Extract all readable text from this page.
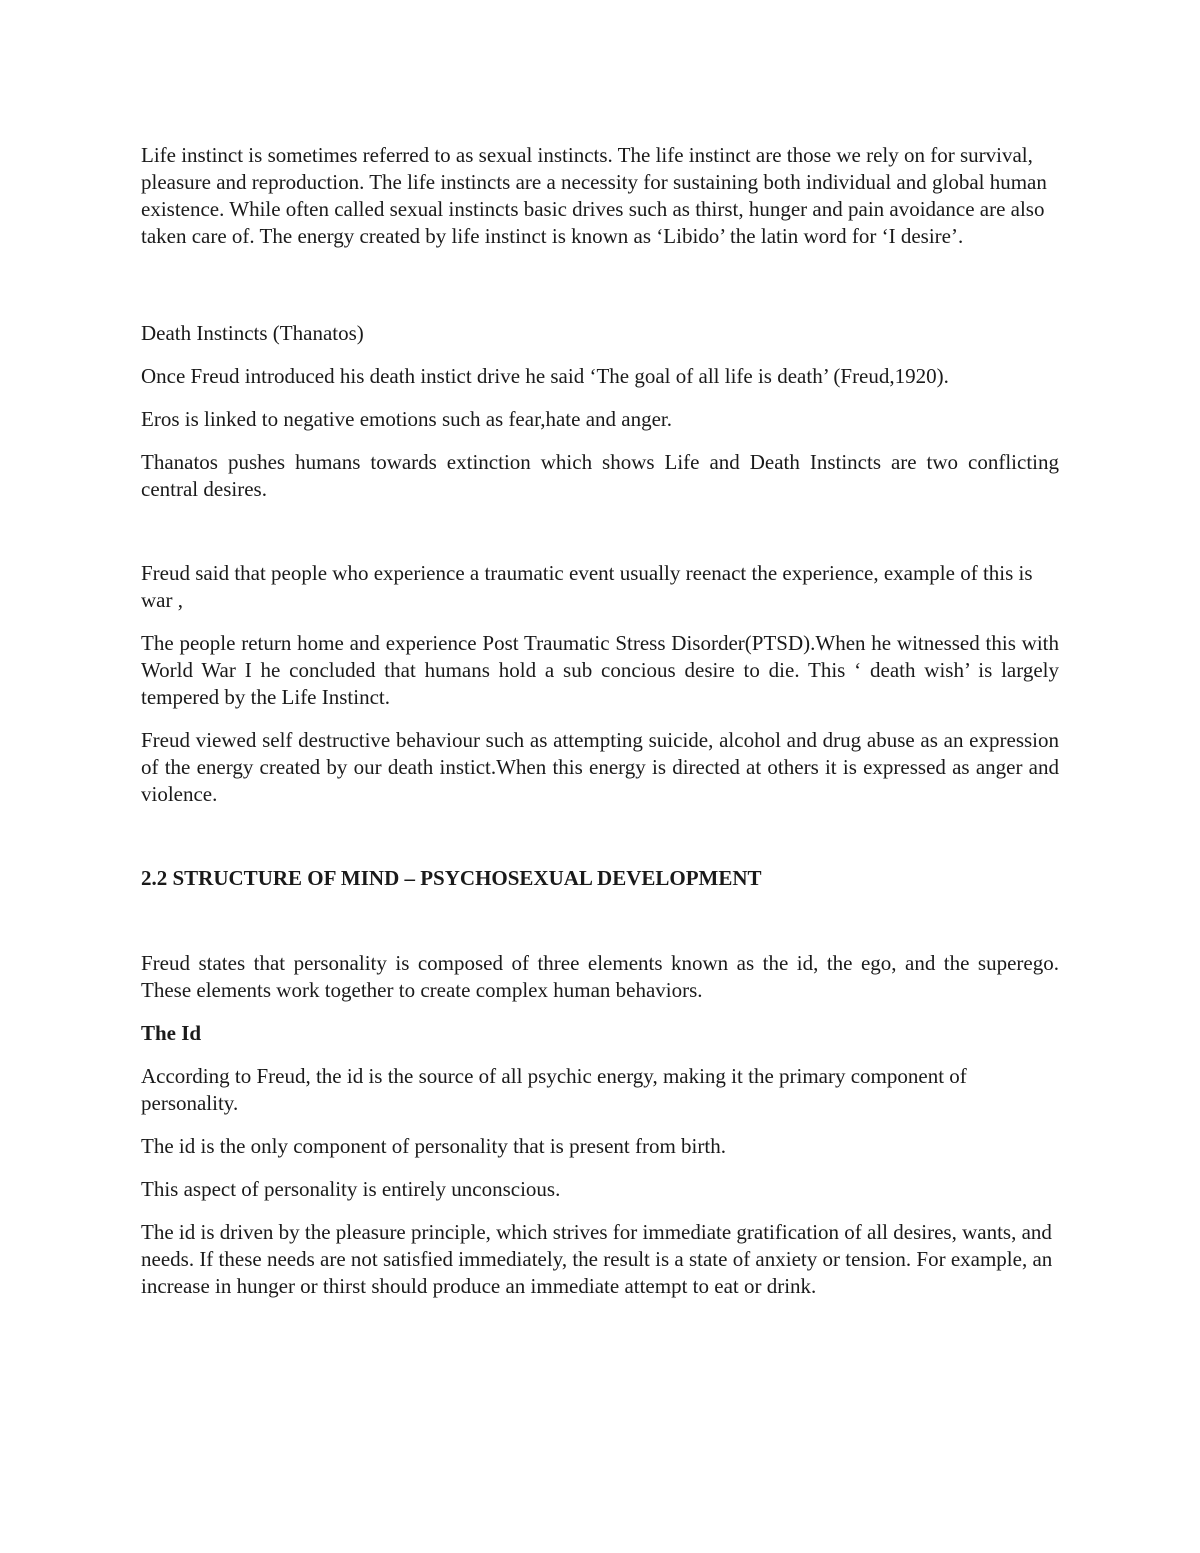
Life instinct is sometimes referred to as sexual instincts. The life instinct are those we rely on for survival, pleasure and reproduction. The life instincts are a necessity for sustaining both individual and global human existence. While often called sexual instincts basic drives such as thirst, hunger and pain avoidance are also taken care of. The energy created by life instinct is known as ‘Libido’ the latin word for ‘I desire’.

Death Instincts (Thanatos)

Once Freud introduced his death instict drive he said ‘The goal of all life is death’ (Freud,1920).

Eros is linked to negative emotions such as fear,hate and anger.

Thanatos pushes humans towards extinction which shows Life and Death Instincts are two conflicting central desires.

Freud said that people who experience a traumatic event usually reenact the experience, example of this is war ,

The people return home and experience Post Traumatic Stress Disorder(PTSD).When he witnessed this with World War I he concluded that humans hold a sub concious desire to die. This ‘ death wish’ is largely tempered by the Life Instinct.

Freud viewed self destructive behaviour such as attempting suicide, alcohol and drug abuse as an expression of the energy created by our death instict.When this energy is directed at others it is expressed as anger and violence.

2.2 STRUCTURE OF MIND – PSYCHOSEXUAL DEVELOPMENT

Freud states that personality is composed of three elements known as the id, the ego, and the superego. These elements work together to create complex human behaviors.

The Id

According to Freud, the id is the source of all psychic energy, making it the primary component of personality.

The id is the only component of personality that is present from birth.

This aspect of personality is entirely unconscious.

The id is driven by the pleasure principle, which strives for immediate gratification of all desires, wants, and needs. If these needs are not satisfied immediately, the result is a state of anxiety or tension. For example, an increase in hunger or thirst should produce an immediate attempt to eat or drink.
